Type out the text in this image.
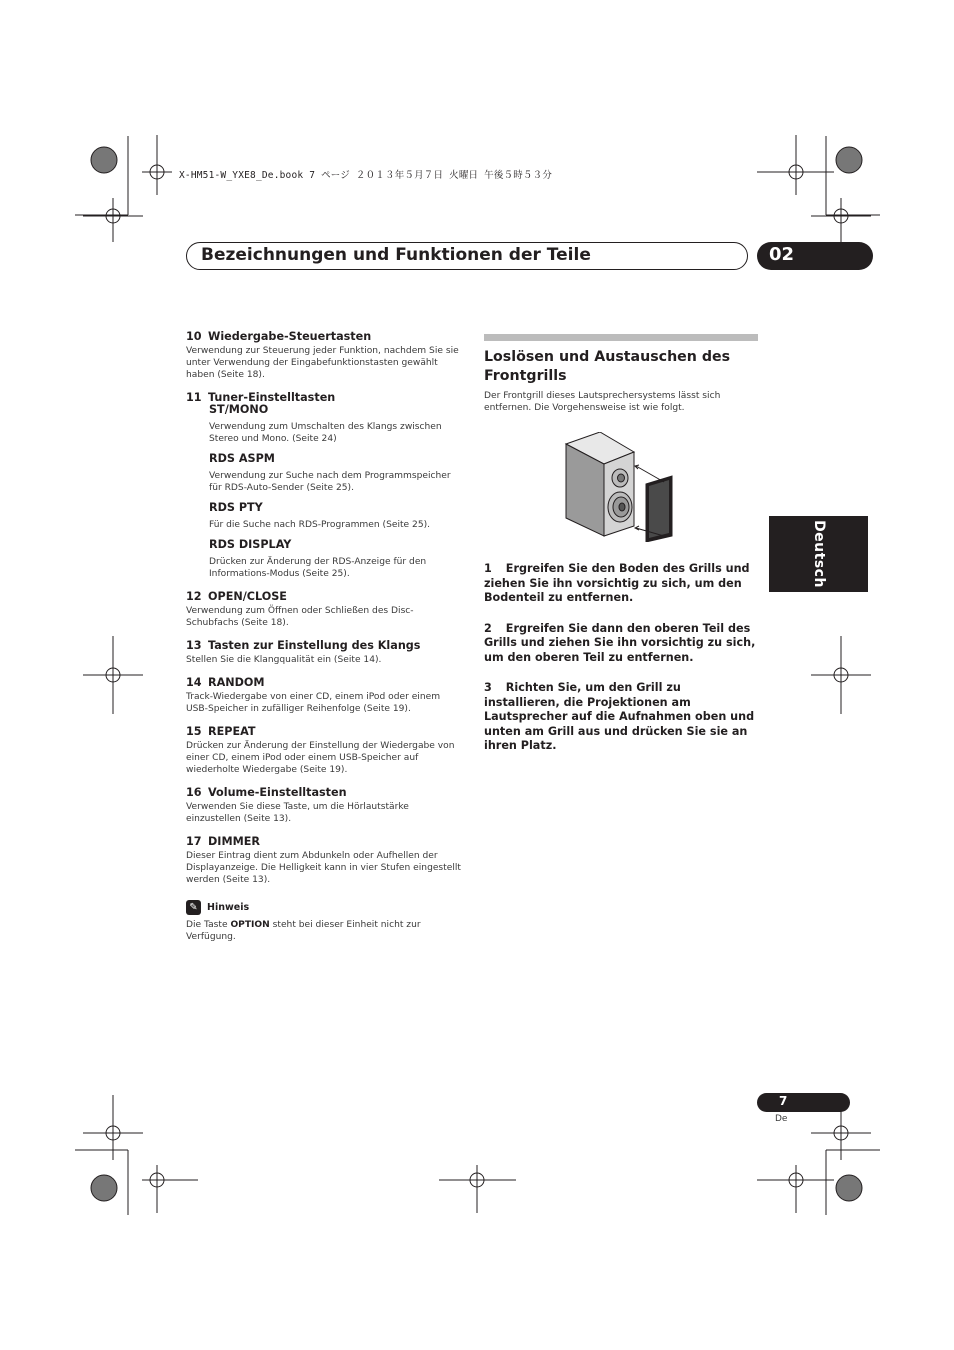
X-HM51-W_YXE8_De.book 7 ページ ２０１３年５月７日 火曜日 午後５時５３分
Bezeichnungen und Funktionen der Teile	02
Deutsch
10 Wiedergabe-Steuertasten
Verwendung zur Steuerung jeder Funktion, nachdem Sie sie unter Verwendung der Eingabefunktionstasten gewählt haben (Seite 18).
11 Tuner-Einstelltasten
ST/MONO
Verwendung zum Umschalten des Klangs zwischen Stereo und Mono. (Seite 24)
RDS ASPM
Verwendung zur Suche nach dem Programmspeicher für RDS-Auto-Sender (Seite 25).
RDS PTY
Für die Suche nach RDS-Programmen (Seite 25).
RDS DISPLAY
Drücken zur Änderung der RDS-Anzeige für den Informations-Modus (Seite 25).
12 OPEN/CLOSE
Verwendung zum Öffnen oder Schließen des Disc-Schubfachs (Seite 18).
13 Tasten zur Einstellung des Klangs
Stellen Sie die Klangqualität ein (Seite 14).
14 RANDOM
Track-Wiedergabe von einer CD, einem iPod oder einem USB-Speicher in zufälliger Reihenfolge (Seite 19).
15 REPEAT
Drücken zur Änderung der Einstellung der Wiedergabe von einer CD, einem iPod oder einem USB-Speicher auf wiederholte Wiedergabe (Seite 19).
16 Volume-Einstelltasten
Verwenden Sie diese Taste, um die Hörlautstärke einzustellen (Seite 13).
17 DIMMER
Dieser Eintrag dient zum Abdunkeln oder Aufhellen der Displayanzeige. Die Helligkeit kann in vier Stufen eingestellt werden (Seite 13).
✎ Hinweis
Die Taste OPTION steht bei dieser Einheit nicht zur Verfügung.
Loslösen und Austauschen des Frontgrills
Der Frontgrill dieses Lautsprechersystems lässt sich entfernen. Die Vorgehensweise ist wie folgt.
1 Ergreifen Sie den Boden des Grills und ziehen Sie ihn vorsichtig zu sich, um den Bodenteil zu entfernen.
2 Ergreifen Sie dann den oberen Teil des Grills und ziehen Sie ihn vorsichtig zu sich, um den oberen Teil zu entfernen.
3 Richten Sie, um den Grill zu installieren, die Projektionen am Lautsprecher auf die Aufnahmen oben und unten am Grill aus und drücken Sie sie an ihren Platz.
7
De
